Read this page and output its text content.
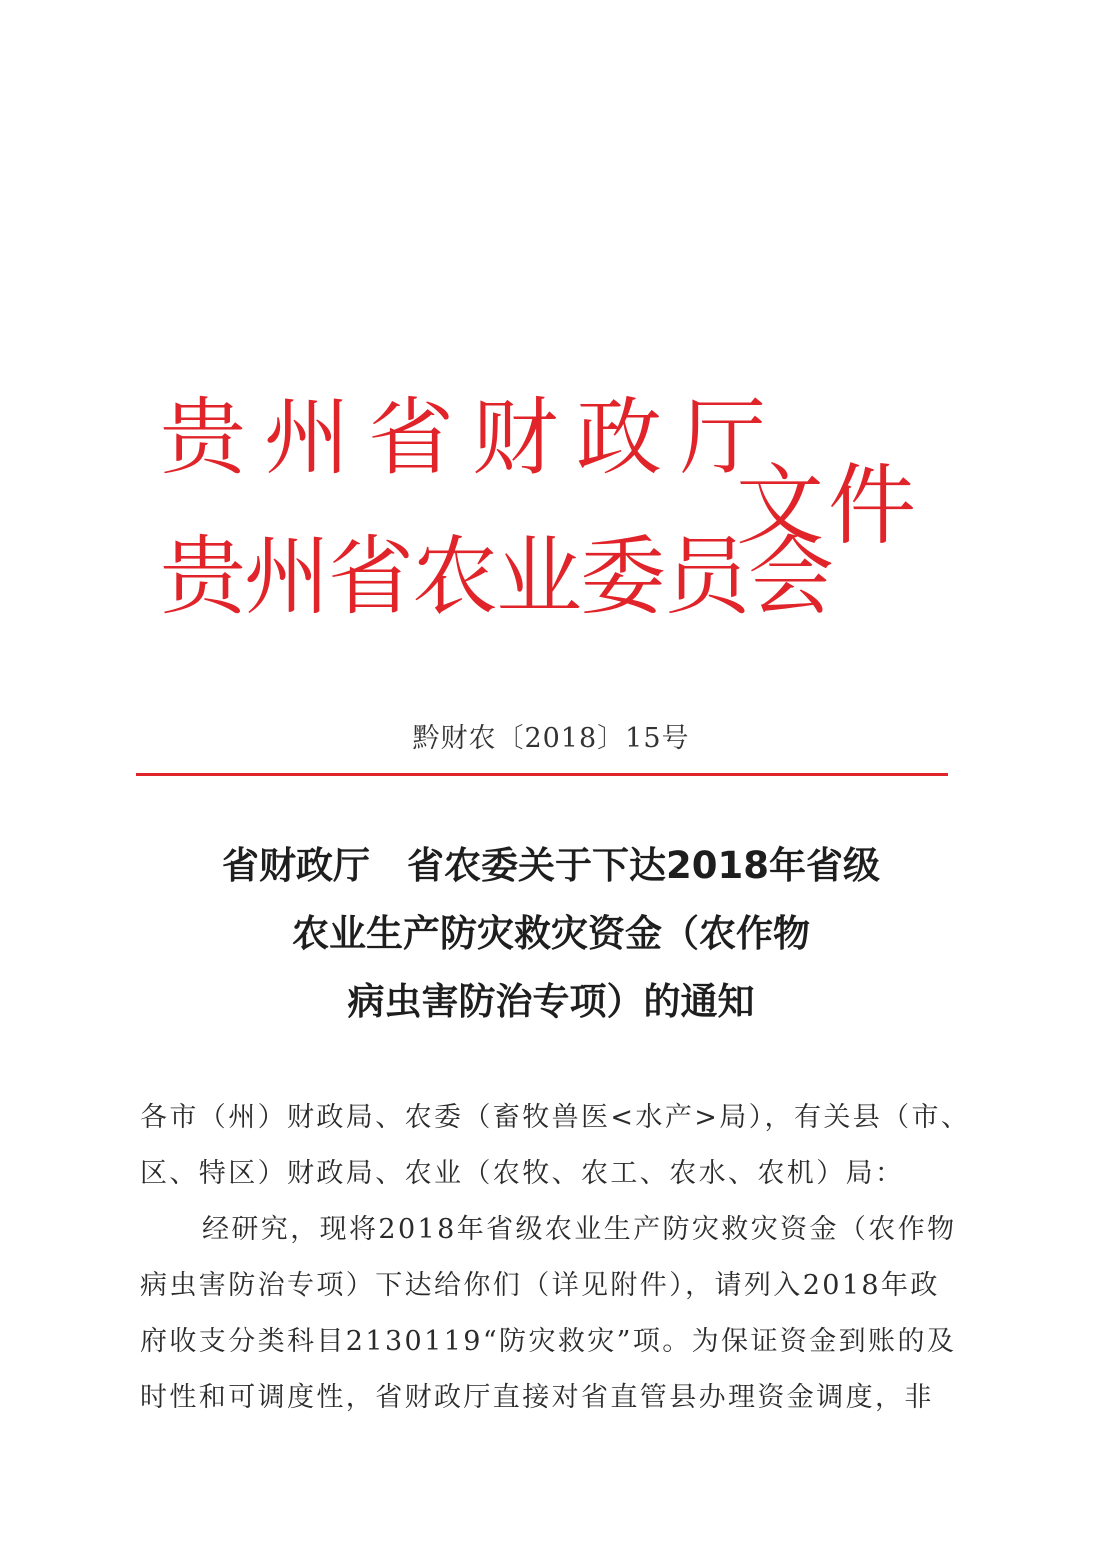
贵州省财政厅
贵州省农业委员会
文件
黔财农〔2018〕15号
省财政厅　省农委关于下达2018年省级
农业生产防灾救灾资金（农作物
病虫害防治专项）的通知
各市（州）财政局、农委（畜牧兽医<水产>局），有关县（市、
区、特区）财政局、农业（农牧、农工、农水、农机）局：
经研究，现将2018年省级农业生产防灾救灾资金（农作物
病虫害防治专项）下达给你们（详见附件），请列入2018年政
府收支分类科目2130119“防灾救灾”项。为保证资金到账的及
时性和可调度性，省财政厅直接对省直管县办理资金调度，非
